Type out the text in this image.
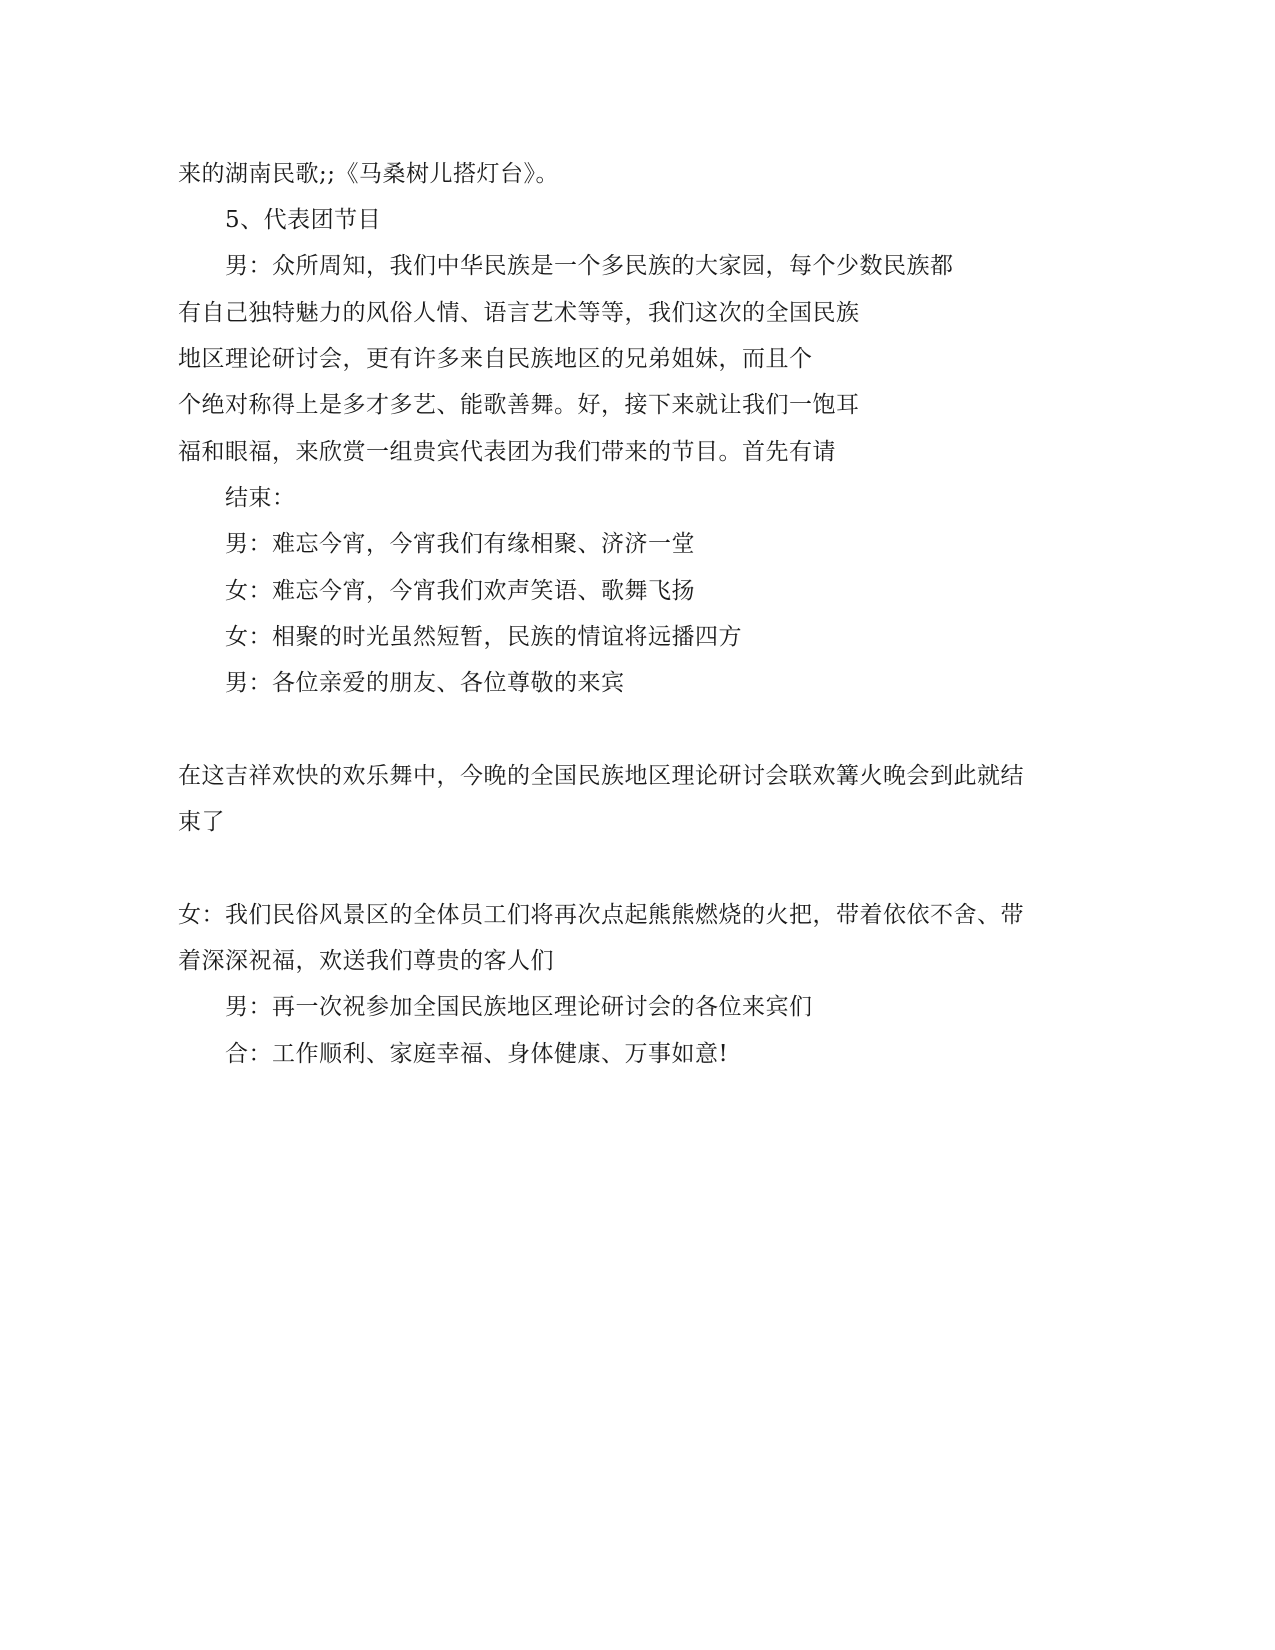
来的湖南民歌;;《马桑树儿搭灯台》。

5、代表团节目

男：众所周知，我们中华民族是一个多民族的大家园，每个少数民族都

有自己独特魅力的风俗人情、语言艺术等等，我们这次的全国民族

地区理论研讨会，更有许多来自民族地区的兄弟姐妹，而且个

个绝对称得上是多才多艺、能歌善舞。好，接下来就让我们一饱耳

福和眼福，来欣赏一组贵宾代表团为我们带来的节目。首先有请

结束：

男：难忘今宵，今宵我们有缘相聚、济济一堂

女：难忘今宵，今宵我们欢声笑语、歌舞飞扬

女：相聚的时光虽然短暂，民族的情谊将远播四方

男：各位亲爱的朋友、各位尊敬的来宾

在这吉祥欢快的欢乐舞中，今晚的全国民族地区理论研讨会联欢篝火晚会到此就结

束了

女：我们民俗风景区的全体员工们将再次点起熊熊燃烧的火把，带着依依不舍、带

着深深祝福，欢送我们尊贵的客人们

男：再一次祝参加全国民族地区理论研讨会的各位来宾们

合：工作顺利、家庭幸福、身体健康、万事如意!
